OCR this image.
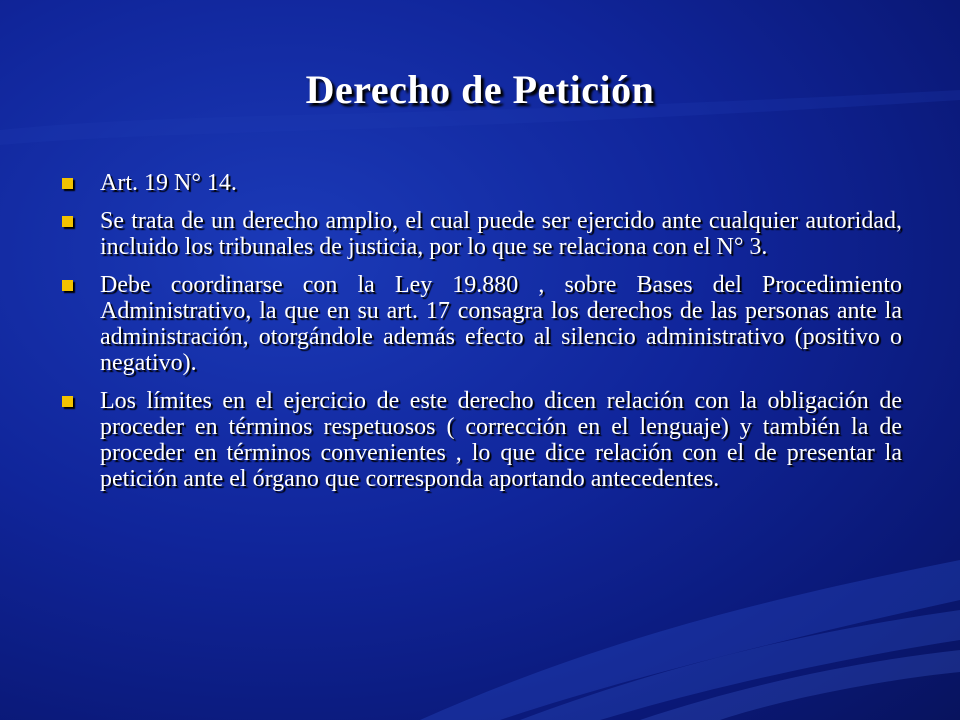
Derecho de Petición
Art. 19 N° 14.
Se trata de un derecho amplio, el cual puede ser ejercido ante cualquier autoridad, incluido los tribunales de justicia, por lo que se relaciona con el N° 3.
Debe coordinarse con la Ley 19.880 , sobre Bases del Procedimiento Administrativo, la que en su art. 17 consagra los derechos de las personas ante la administración, otorgándole además efecto al silencio administrativo (positivo o negativo).
Los límites en el ejercicio de este derecho dicen relación con la obligación de proceder en términos respetuosos ( corrección en el lenguaje) y también la de proceder en términos convenientes , lo que dice relación con el de presentar la petición ante el órgano que corresponda aportando antecedentes.
